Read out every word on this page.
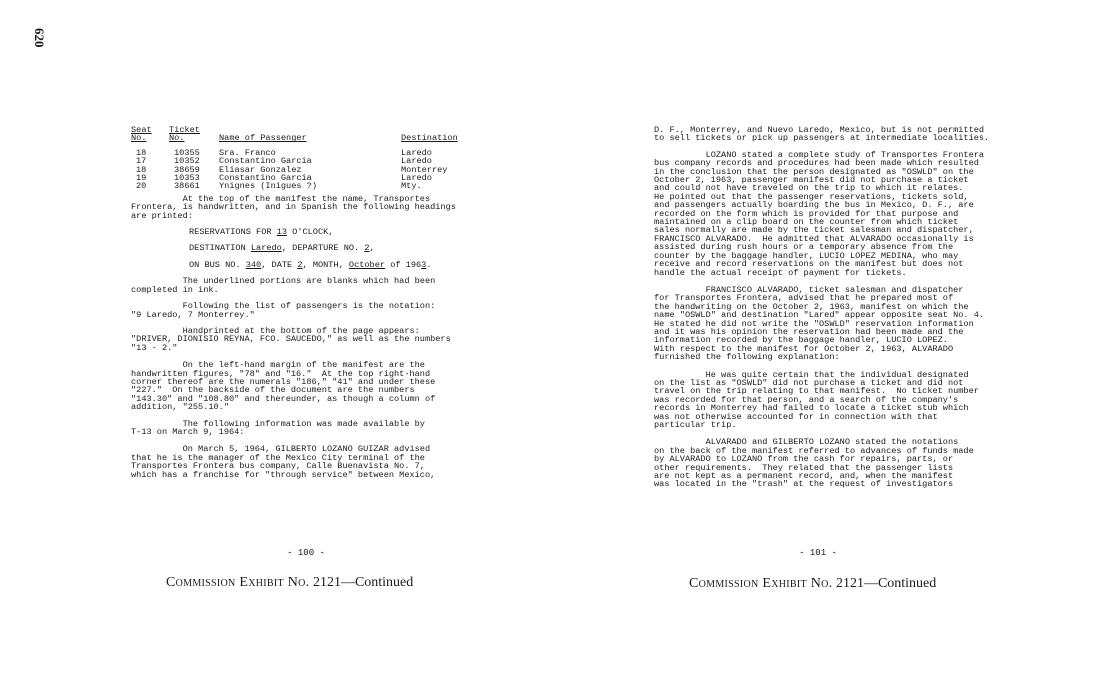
620
Seat
No.	Ticket
No.	Name of Passenger	Destination

18	10355	Sra. Franco	Laredo
17	10352	Constantino Garcia	Laredo
18	38659	Eliasar Gonzalez	Monterrey
19	10353	Constantino Garcia	Laredo
20	38661	Ynignes (Inigues ?)	Mty.

At the top of the manifest the name, Transportes
Frontera, is handwritten, and in Spanish the following headings
are printed:

RESERVATIONS FOR 13 O'CLOCK,

DESTINATION Laredo, DEPARTURE NO. 2,

ON BUS NO. 340, DATE 2, MONTH, October of 1963.

The underlined portions are blanks which had been
completed in ink.

Following the list of passengers is the notation:
"9 Laredo, 7 Monterrey."

Handprinted at the bottom of the page appears:
"DRIVER, DIONISIO REYNA, FCO. SAUCEDO," as well as the numbers
"13 - 2."

On the left-hand margin of the manifest are the
handwritten figures, "78" and "16."  At the top right-hand
corner thereof are the numerals "186," "41" and under these
"227."  On the backside of the document are the numbers
"143.30" and "108.80" and thereunder, as though a column of
addition, "255.10."

The following information was made available by
T-13 on March 9, 1964:

On March 5, 1964, GILBERTO LOZANO GUIZAR advised
that he is the manager of the Mexico City terminal of the
Transportes Frontera bus company, Calle Buenavista No. 7,
which has a franchise for "through service" between Mexico,

- 100 -
Commission Exhibit No. 2121—Continued

D. F., Monterrey, and Nuevo Laredo, Mexico, but is not permitted
to sell tickets or pick up passengers at intermediate localities.

LOZANO stated a complete study of Transportes Frontera
bus company records and procedures had been made which resulted
in the conclusion that the person designated as "OSWLD" on the
October 2, 1963, passenger manifest did not purchase a ticket
and could not have traveled on the trip to which it relates.
He pointed out that the passenger reservations, tickets sold,
and passengers actually boarding the bus in Mexico, D. F., are
recorded on the form which is provided for that purpose and
maintained on a clip board on the counter from which ticket
sales normally are made by the ticket salesman and dispatcher,
FRANCISCO ALVARADO.  He admitted that ALVARADO occasionally is
assisted during rush hours or a temporary absence from the
counter by the baggage handler, LUCIO LOPEZ MEDINA, who may
receive and record reservations on the manifest but does not
handle the actual receipt of payment for tickets.

FRANCISCO ALVARADO, ticket salesman and dispatcher
for Transportes Frontera, advised that he prepared most of
the handwriting on the October 2, 1963, manifest on which the
name "OSWLD" and destination "Lared" appear opposite seat No. 4.
He stated he did not write the "OSWLD" reservation information
and it was his opinion the reservation had been made and the
information recorded by the baggage handler, LUCIO LOPEZ.
With respect to the manifest for October 2, 1963, ALVARADO
furnished the following explanation:

He was quite certain that the individual designated
on the list as "OSWLD" did not purchase a ticket and did not
travel on the trip relating to that manifest.  No ticket number
was recorded for that person, and a search of the company's
records in Monterrey had failed to locate a ticket stub which
was not otherwise accounted for in connection with that
particular trip.

ALVARADO and GILBERTO LOZANO stated the notations
on the back of the manifest referred to advances of funds made
by ALVARADO to LOZANO from the cash for repairs, parts, or
other requirements.  They related that the passenger lists
are not kept as a permanent record, and, when the manifest
was located in the "trash" at the request of investigators

- 101 -
Commission Exhibit No. 2121—Continued
